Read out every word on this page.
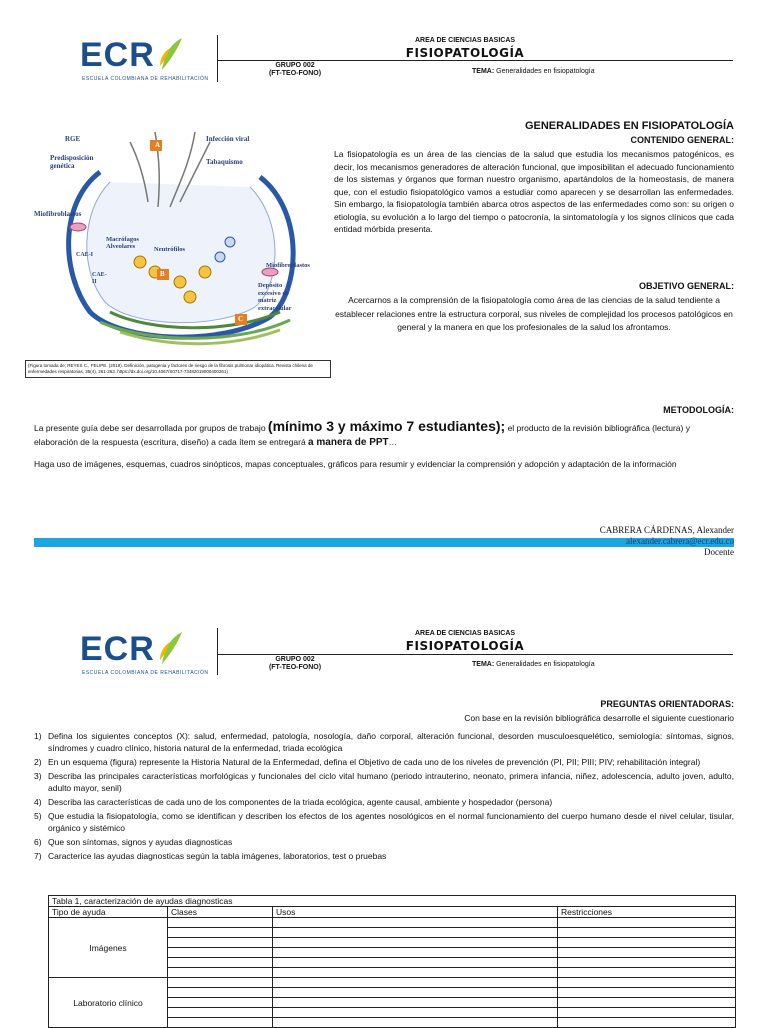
ECR
ESCUELA COLOMBIANA DE REHABILITACIÓN
AREA DE CIENCIAS BASICAS
FISIOPATOLOGÍA
GRUPO 002
(FT-TEO-FONO)	TEMA: Generalidades en fisiopatología
A
B
C
RGE	Infección viral
Predisposición
genética	Tabaquismo
Miofibroblastos
Macrófagos
Alveolares	Neutrófilos
CAE-I
CAE-
II
Miofibroblastos
Depósito
excesivo de
matriz
extracelular
(Figura tomada de; REYES C., FELIPE. (2019). Definición, patogenia y factores de riesgo de la fibrosis pulmonar idiopática. Revista chilena de enfermedades respiratorias, 35(4), 261-263. https://dx.doi.org/10.4067/S0717-73482019000400261)
GENERALIDADES EN FISIOPATOLOGÍA
CONTENIDO GENERAL:
La fisiopatología es un área de las ciencias de la salud que estudia los mecanismos patogénicos, es decir, los mecanismos generadores de alteración funcional, que imposibilitan el adecuado funcionamiento de los sistemas y órganos que forman nuestro organismo, apartándolos de la homeostasis, de manera que, con el estudio fisiopatológico vamos a estudiar como aparecen y se desarrollan las enfermedades. Sin embargo, la fisiopatología también abarca otros aspectos de las enfermedades como son: su origen o etiología, su evolución a lo largo del tiempo o patocronía, la sintomatología y los signos clínicos que cada entidad mórbida presenta.
OBJETIVO GENERAL:
Acercarnos a la comprensión de la fisiopatología como área de las ciencias de la salud tendiente a establecer relaciones entre la estructura corporal, sus niveles de complejidad los procesos patológicos en general y la manera en que los profesionales de la salud los afrontamos.
METODOLOGÍA:
La presente guía debe ser desarrollada por grupos de trabajo (mínimo 3 y máximo 7 estudiantes); el producto de la revisión bibliográfica (lectura) y elaboración de la respuesta (escritura, diseño) a cada ítem se entregará a manera de PPT…
Haga uso de imágenes, esquemas, cuadros sinópticos, mapas conceptuales, gráficos para resumir y evidenciar la comprensión y adopción y adaptación de la información
CABRERA CÁRDENAS, Alexander
alexander.cabrera@ecr.edu.co
Docente
ECR
ESCUELA COLOMBIANA DE REHABILITACIÓN
AREA DE CIENCIAS BASICAS
FISIOPATOLOGÍA
GRUPO 002
(FT-TEO-FONO)	TEMA: Generalidades en fisiopatología
PREGUNTAS ORIENTADORAS:
Con base en la revisión bibliográfica desarrolle el siguiente cuestionario
1) Defina los siguientes conceptos (X): salud, enfermedad, patología, nosología, daño corporal, alteración funcional, desorden musculoesquelético, semiología: síntomas, signos, síndromes y cuadro clínico, historia natural de la enfermedad, triada ecológica
2) En un esquema (figura) represente la Historia Natural de la Enfermedad, defina el Objetivo de cada uno de los niveles de prevención (PI, PII; PIII; PIV; rehabilitación integral)
3) Describa las principales características morfológicas y funcionales del ciclo vital humano (periodo intrauterino, neonato, primera infancia, niñez, adolescencia, adulto joven, adulto, adulto mayor, senil)
4) Describa las características de cada uno de los componentes de la triada ecológica, agente causal, ambiente y hospedador (persona)
5) Que estudia la fisiopatología, como se identifican y describen los efectos de los agentes nosológicos en el normal funcionamiento del cuerpo humano desde el nivel celular, tisular, orgánico y sistémico
6) Que son síntomas, signos y ayudas diagnosticas
7) Caracterice las ayudas diagnosticas según la tabla imágenes, laboratorios, test o pruebas
Tabla 1, caracterización de ayudas diagnosticas			
Tipo de ayuda	Clases	Usos	Restricciones
Imágenes			

Laboratorio clínico			
